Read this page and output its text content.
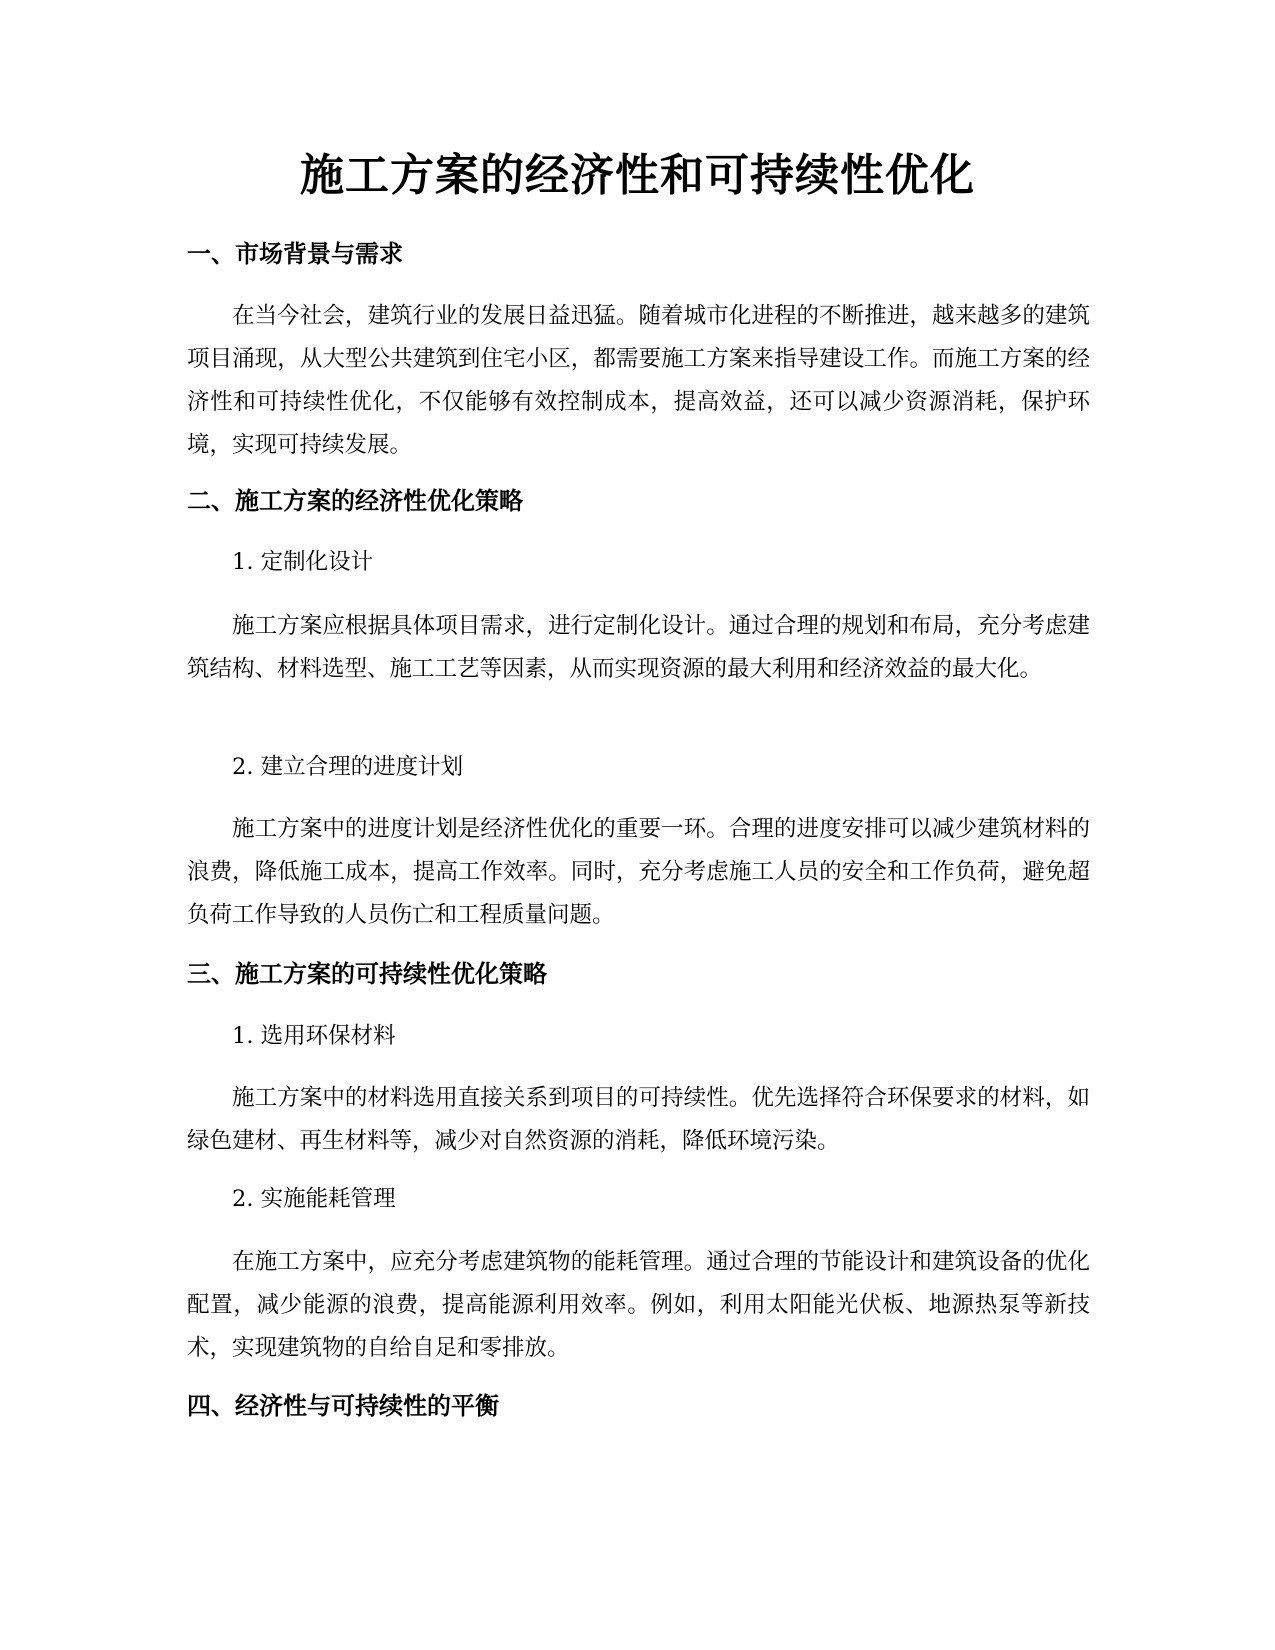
施工方案的经济性和可持续性优化
一、市场背景与需求

在当今社会，建筑行业的发展日益迅猛。随着城市化进程的不断推进，越来越多的建筑项目涌现，从大型公共建筑到住宅小区，都需要施工方案来指导建设工作。而施工方案的经济性和可持续性优化，不仅能够有效控制成本，提高效益，还可以减少资源消耗，保护环境，实现可持续发展。

二、施工方案的经济性优化策略

1. 定制化设计

施工方案应根据具体项目需求，进行定制化设计。通过合理的规划和布局，充分考虑建筑结构、材料选型、施工工艺等因素，从而实现资源的最大利用和经济效益的最大化。

2. 建立合理的进度计划

施工方案中的进度计划是经济性优化的重要一环。合理的进度安排可以减少建筑材料的浪费，降低施工成本，提高工作效率。同时，充分考虑施工人员的安全和工作负荷，避免超负荷工作导致的人员伤亡和工程质量问题。

三、施工方案的可持续性优化策略

1. 选用环保材料

施工方案中的材料选用直接关系到项目的可持续性。优先选择符合环保要求的材料，如绿色建材、再生材料等，减少对自然资源的消耗，降低环境污染。

2. 实施能耗管理

在施工方案中，应充分考虑建筑物的能耗管理。通过合理的节能设计和建筑设备的优化配置，减少能源的浪费，提高能源利用效率。例如，利用太阳能光伏板、地源热泵等新技术，实现建筑物的自给自足和零排放。

四、经济性与可持续性的平衡
